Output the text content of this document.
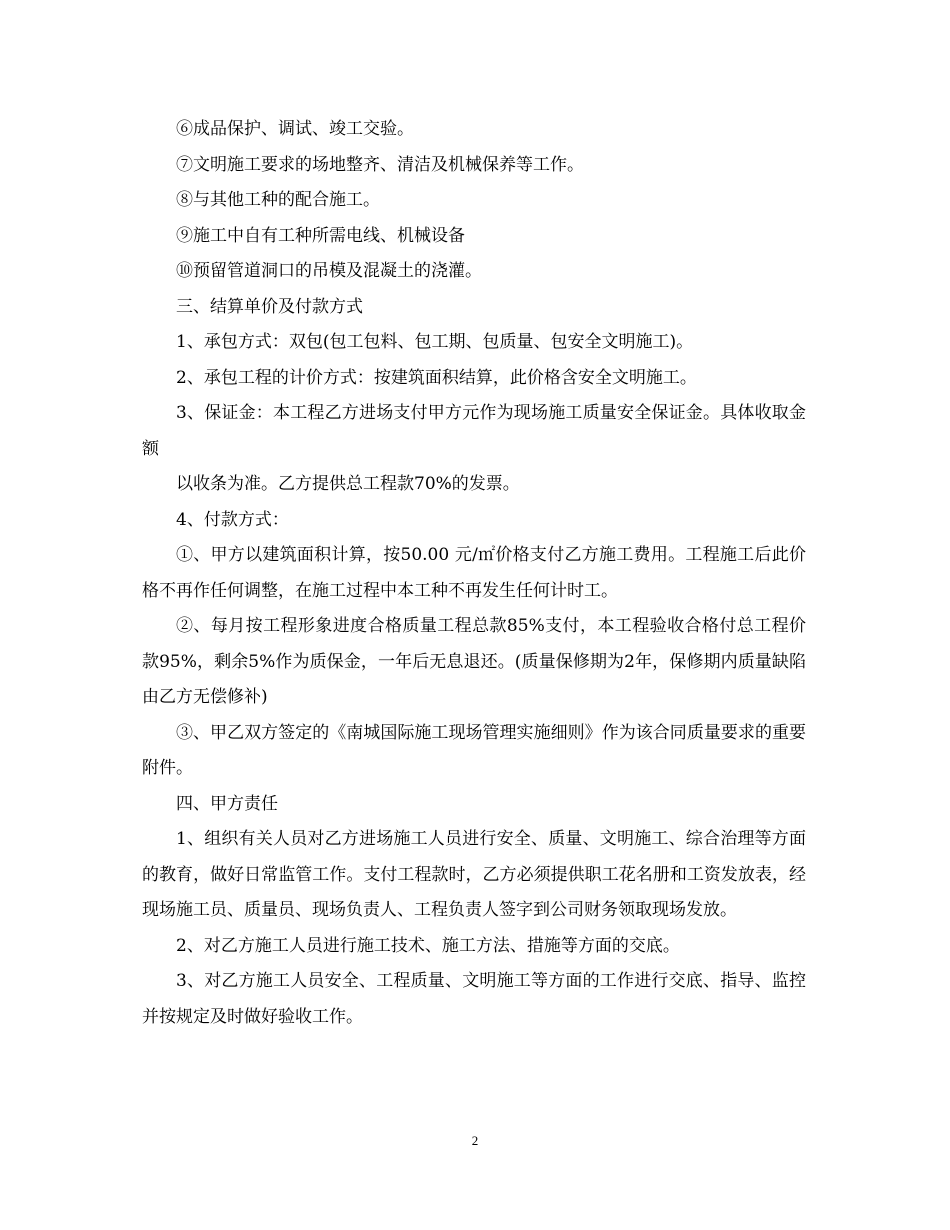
⑥成品保护、调试、竣工交验。

⑦文明施工要求的场地整齐、清洁及机械保养等工作。

⑧与其他工种的配合施工。

⑨施工中自有工种所需电线、机械设备

⑩预留管道洞口的吊模及混凝土的浇灌。

三、结算单价及付款方式

1、承包方式：双包(包工包料、包工期、包质量、包安全文明施工)。

2、承包工程的计价方式：按建筑面积结算，此价格含安全文明施工。

3、保证金：本工程乙方进场支付甲方元作为现场施工质量安全保证金。具体收取金额

以收条为准。乙方提供总工程款70%的发票。

4、付款方式：

①、甲方以建筑面积计算，按50.00 元/㎡价格支付乙方施工费用。工程施工后此价格不再作任何调整，在施工过程中本工种不再发生任何计时工。

②、每月按工程形象进度合格质量工程总款85%支付，本工程验收合格付总工程价款95%，剩余5%作为质保金，一年后无息退还。(质量保修期为2年，保修期内质量缺陷由乙方无偿修补)

③、甲乙双方签定的《南城国际施工现场管理实施细则》作为该合同质量要求的重要附件。

四、甲方责任

1、组织有关人员对乙方进场施工人员进行安全、质量、文明施工、综合治理等方面的教育，做好日常监管工作。支付工程款时，乙方必须提供职工花名册和工资发放表，经现场施工员、质量员、现场负责人、工程负责人签字到公司财务领取现场发放。

2、对乙方施工人员进行施工技术、施工方法、措施等方面的交底。

3、对乙方施工人员安全、工程质量、文明施工等方面的工作进行交底、指导、监控并按规定及时做好验收工作。

2
